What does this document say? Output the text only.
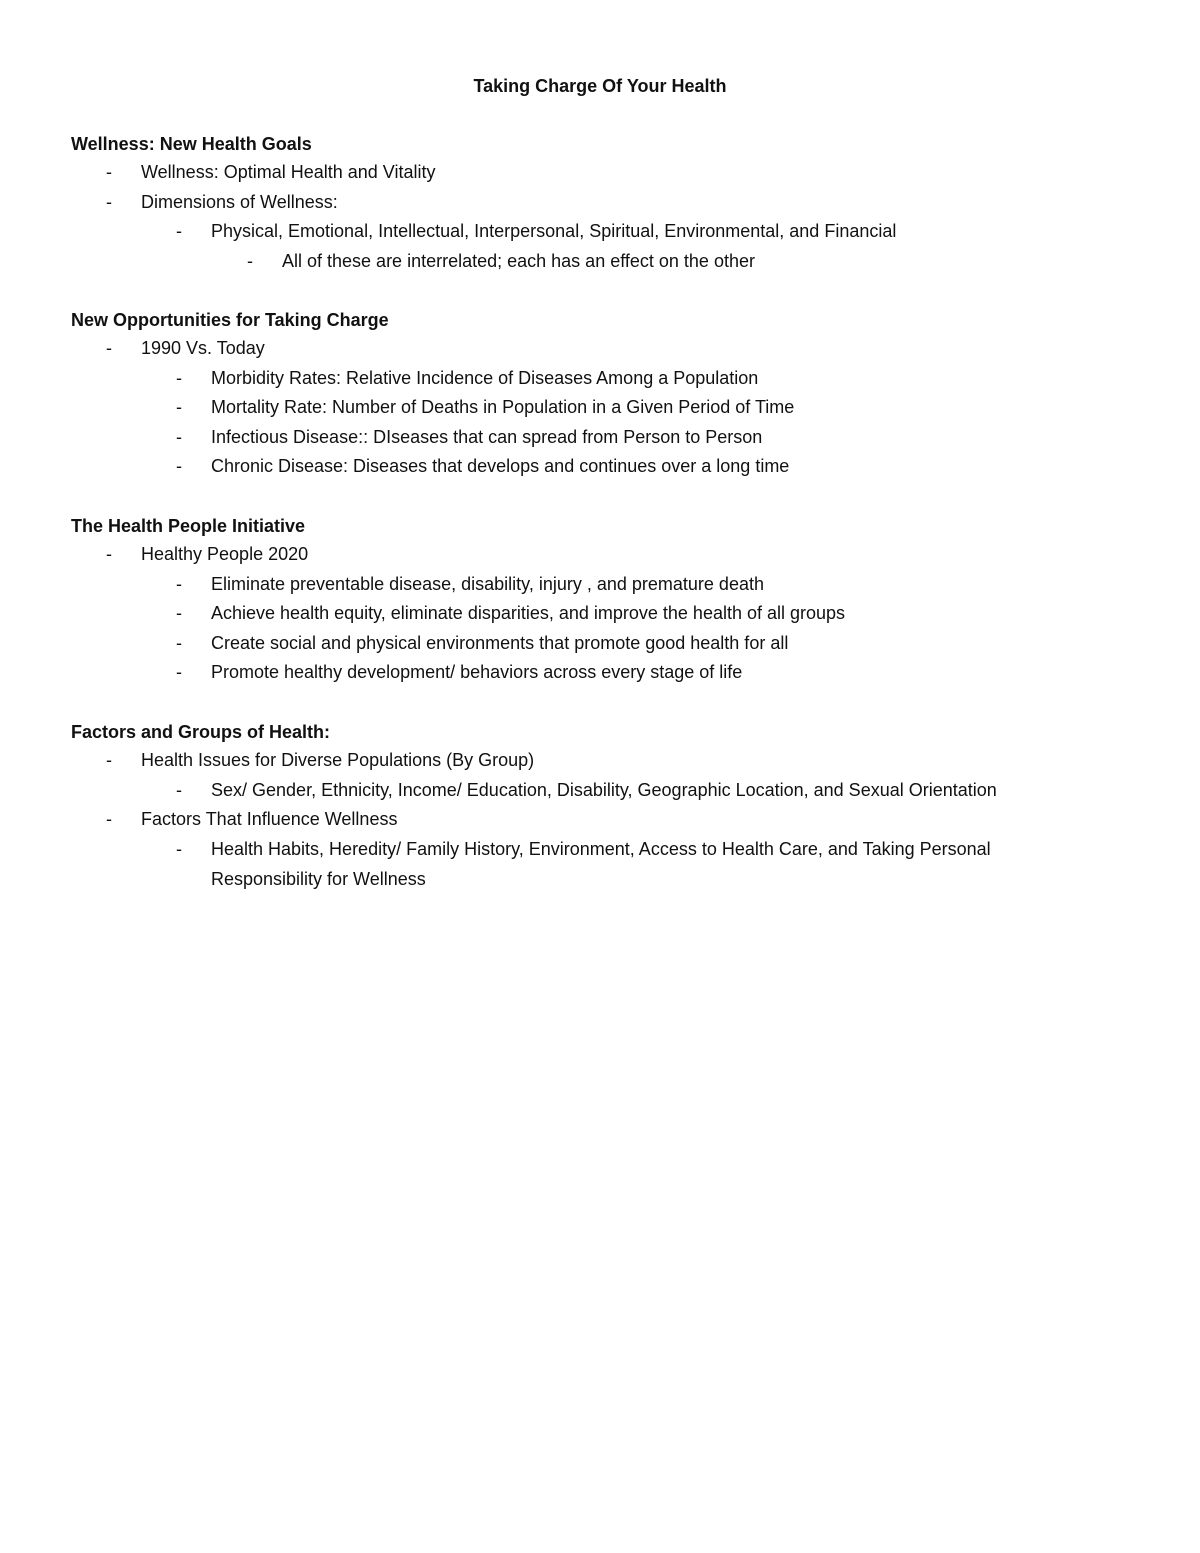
Taking Charge Of Your Health
Wellness: New Health Goals
- Wellness: Optimal Health and Vitality
- Dimensions of Wellness:
- Physical, Emotional, Intellectual, Interpersonal, Spiritual, Environmental, and Financial
- All of these are interrelated; each has an effect on the other
New Opportunities for Taking Charge
- 1990 Vs. Today
- Morbidity Rates: Relative Incidence of Diseases Among a Population
- Mortality Rate: Number of Deaths in Population in a Given Period of Time
- Infectious Disease:: DIseases that can spread from Person to Person
- Chronic Disease: Diseases that develops and continues over a long time
The Health People Initiative
- Healthy People 2020
- Eliminate preventable disease, disability, injury , and premature death
- Achieve health equity, eliminate disparities, and improve the health of all groups
- Create social and physical environments that promote good health for all
- Promote healthy development/ behaviors across every stage of life
Factors and Groups of Health:
- Health Issues for Diverse Populations (By Group)
- Sex/ Gender, Ethnicity, Income/ Education, Disability, Geographic Location, and Sexual Orientation
- Factors That Influence Wellness
- Health Habits, Heredity/ Family History, Environment, Access to Health Care, and Taking Personal Responsibility for Wellness
